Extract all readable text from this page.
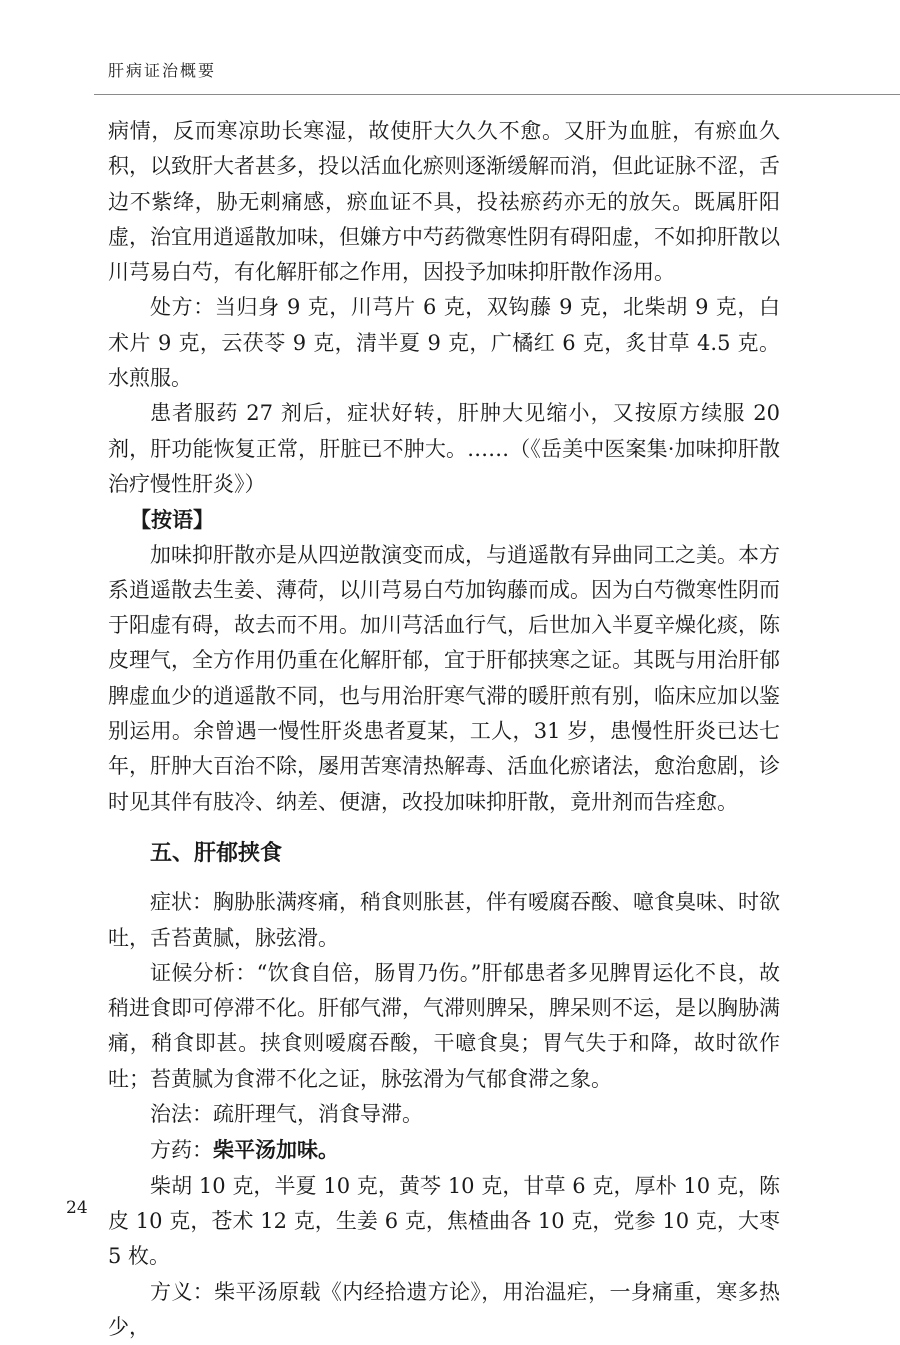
肝病证治概要

病情，反而寒凉助长寒湿，故使肝大久久不愈。又肝为血脏，有瘀血久积，以致肝大者甚多，投以活血化瘀则逐渐缓解而消，但此证脉不涩，舌边不紫绛，胁无刺痛感，瘀血证不具，投祛瘀药亦无的放矢。既属肝阳虚，治宜用逍遥散加味，但嫌方中芍药微寒性阴有碍阳虚，不如抑肝散以川芎易白芍，有化解肝郁之作用，因投予加味抑肝散作汤用。

处方：当归身 9 克，川芎片 6 克，双钩藤 9 克，北柴胡 9 克，白术片 9 克，云茯苓 9 克，清半夏 9 克，广橘红 6 克，炙甘草 4.5 克。水煎服。

患者服药 27 剂后，症状好转，肝肿大见缩小，又按原方续服 20 剂，肝功能恢复正常，肝脏已不肿大。……（《岳美中医案集·加味抑肝散治疗慢性肝炎》）

【按语】

加味抑肝散亦是从四逆散演变而成，与逍遥散有异曲同工之美。本方系逍遥散去生姜、薄荷，以川芎易白芍加钩藤而成。因为白芍微寒性阴而于阳虚有碍，故去而不用。加川芎活血行气，后世加入半夏辛燥化痰，陈皮理气，全方作用仍重在化解肝郁，宜于肝郁挟寒之证。其既与用治肝郁脾虚血少的逍遥散不同，也与用治肝寒气滞的暖肝煎有别，临床应加以鉴别运用。余曾遇一慢性肝炎患者夏某，工人，31 岁，患慢性肝炎已达七年，肝肿大百治不除，屡用苦寒清热解毒、活血化瘀诸法，愈治愈剧，诊时见其伴有肢冷、纳差、便溏，改投加味抑肝散，竟卅剂而告痊愈。

五、肝郁挟食

症状：胸胁胀满疼痛，稍食则胀甚，伴有嗳腐吞酸、噫食臭味、时欲吐，舌苔黄腻，脉弦滑。

证候分析：“饮食自倍，肠胃乃伤。”肝郁患者多见脾胃运化不良，故稍进食即可停滞不化。肝郁气滞，气滞则脾呆，脾呆则不运，是以胸胁满痛，稍食即甚。挟食则嗳腐吞酸，干噫食臭；胃气失于和降，故时欲作吐；苔黄腻为食滞不化之证，脉弦滑为气郁食滞之象。

治法：疏肝理气，消食导滞。

方药：柴平汤加味。

柴胡 10 克，半夏 10 克，黄芩 10 克，甘草 6 克，厚朴 10 克，陈皮 10 克，苍术 12 克，生姜 6 克，焦楂曲各 10 克，党参 10 克，大枣 5 枚。

方义：柴平汤原载《内经拾遗方论》，用治温疟，一身痛重，寒多热少，

24
